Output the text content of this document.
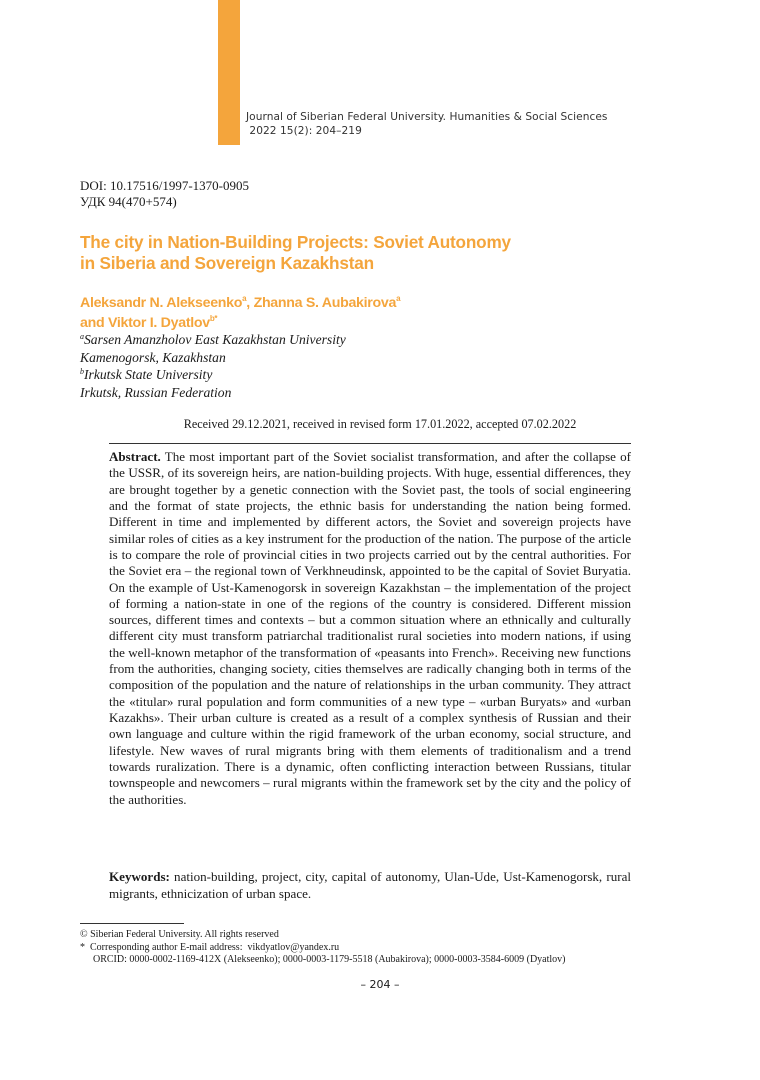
Journal of Siberian Federal University. Humanities & Social Sciences
2022 15(2): 204–219
DOI: 10.17516/1997-1370-0905
УДК 94(470+574)
The city in Nation-Building Projects: Soviet Autonomy
in Siberia and Sovereign Kazakhstan
Aleksandr N. Alekseenko$^a$, Zhanna S. Aubakirova$^a$
and Viktor I. Dyatlov$^{b*}$
$^a$Sarsen Amanzholov East Kazakhstan University
Kamenogorsk, Kazakhstan
$^b$Irkutsk State University
Irkutsk, Russian Federation
Received 29.12.2021, received in revised form 17.01.2022, accepted 07.02.2022
Abstract. The most important part of the Soviet socialist transformation, and after the collapse of the USSR, of its sovereign heirs, are nation-building projects. With huge, essential differences, they are brought together by a genetic connection with the Soviet past, the tools of social engineering and the format of state projects, the ethnic basis for understanding the nation being formed. Different in time and implemented by different actors, the Soviet and sovereign projects have similar roles of cities as a key instrument for the production of the nation. The purpose of the article is to compare the role of provincial cities in two projects carried out by the central authorities. For the Soviet era – the regional town of Verkhneudinsk, appointed to be the capital of Soviet Buryatia. On the example of Ust-Kamenogorsk in sovereign Kazakhstan – the implementation of the project of forming a nation-state in one of the regions of the country is considered. Different mission sources, different times and contexts – but a common situation where an ethnically and culturally different city must transform patriarchal traditionalist rural societies into modern nations, if using the well-known metaphor of the transformation of «peasants into French». Receiving new functions from the authorities, changing society, cities themselves are radically changing both in terms of the composition of the population and the nature of relationships in the urban community. They attract the «titular» rural population and form communities of a new type – «urban Buryats» and «urban Kazakhs». Their urban culture is created as a result of a complex synthesis of Russian and their own language and culture within the rigid framework of the urban economy, social structure, and lifestyle. New waves of rural migrants bring with them elements of traditionalism and a trend towards ruralization. There is a dynamic, often conflicting interaction between Russians, titular townspeople and newcomers – rural migrants within the framework set by the city and the policy of the authorities.
Keywords: nation-building, project, city, capital of autonomy, Ulan-Ude, Ust-Kamenogorsk, rural migrants, ethnicization of urban space.
© Siberian Federal University. All rights reserved
*  Corresponding author E-mail address:  vikdyatlov@yandex.ru
ORCID: 0000-0002-1169-412X (Alekseenko); 0000-0003-1179-5518 (Aubakirova); 0000-0003-3584-6009 (Dyatlov)
– 204 –
